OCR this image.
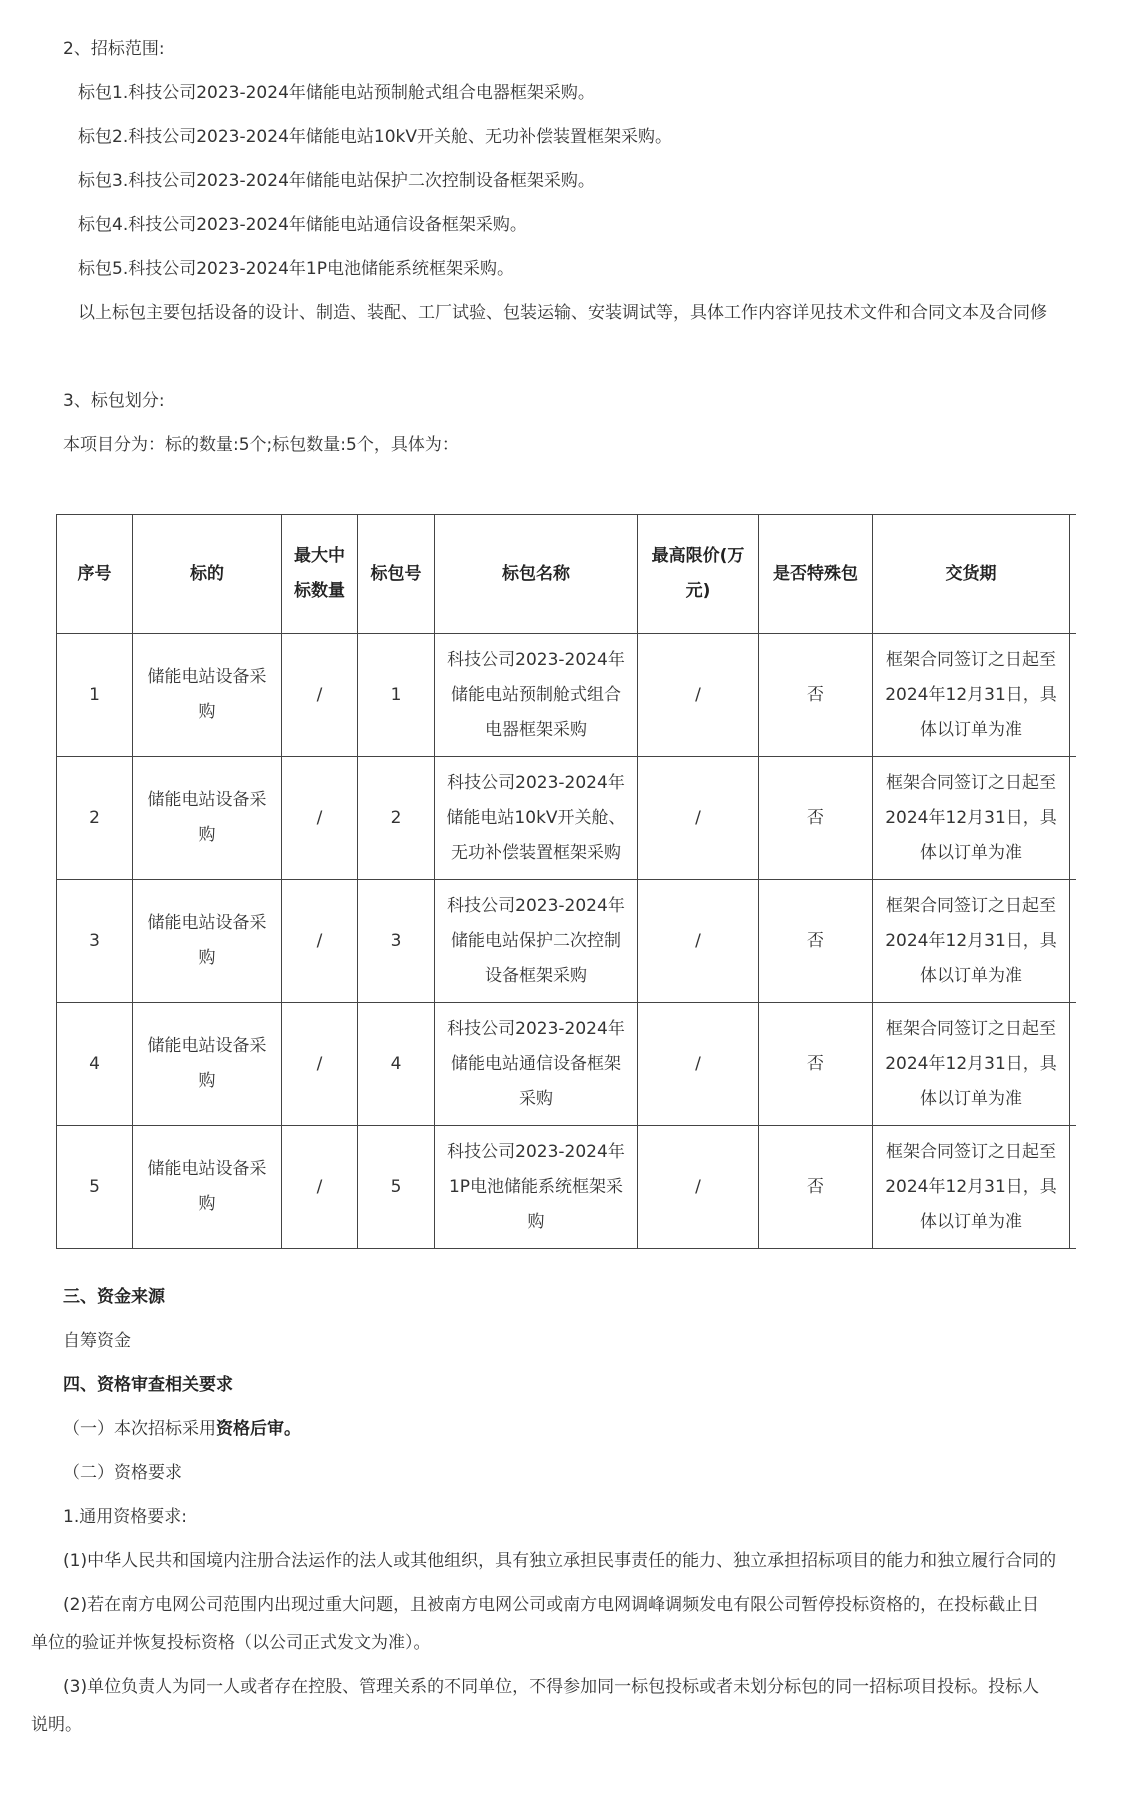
2、招标范围:
标包1.科技公司2023-2024年储能电站预制舱式组合电器框架采购。
标包2.科技公司2023-2024年储能电站10kV开关舱、无功补偿装置框架采购。
标包3.科技公司2023-2024年储能电站保护二次控制设备框架采购。
标包4.科技公司2023-2024年储能电站通信设备框架采购。
标包5.科技公司2023-2024年1P电池储能系统框架采购。
以上标包主要包括设备的设计、制造、装配、工厂试验、包装运输、安装调试等，具体工作内容详见技术文件和合同文本及合同修
3、标包划分:
本项目分为：标的数量:5个;标包数量:5个，具体为：
序号	标的	最大中标数量	标包号	标包名称	最高限价(万元)	是否特殊包	交货期	
1	储能电站设备采购	/	1	科技公司2023-2024年储能电站预制舱式组合电器框架采购	/	否	框架合同签订之日起至2024年12月31日，具体以订单为准	
2	储能电站设备采购	/	2	科技公司2023-2024年储能电站10kV开关舱、无功补偿装置框架采购	/	否	框架合同签订之日起至2024年12月31日，具体以订单为准	
3	储能电站设备采购	/	3	科技公司2023-2024年储能电站保护二次控制设备框架采购	/	否	框架合同签订之日起至2024年12月31日，具体以订单为准	
4	储能电站设备采购	/	4	科技公司2023-2024年储能电站通信设备框架采购	/	否	框架合同签订之日起至2024年12月31日，具体以订单为准	
5	储能电站设备采购	/	5	科技公司2023-2024年1P电池储能系统框架采购	/	否	框架合同签订之日起至2024年12月31日，具体以订单为准	
三、资金来源
自筹资金
四、资格审查相关要求
（一）本次招标采用资格后审。
（二）资格要求
1.通用资格要求:
(1)中华人民共和国境内注册合法运作的法人或其他组织，具有独立承担民事责任的能力、独立承担招标项目的能力和独立履行合同的
(2)若在南方电网公司范围内出现过重大问题，且被南方电网公司或南方电网调峰调频发电有限公司暂停投标资格的，在投标截止日
单位的验证并恢复投标资格（以公司正式发文为准）。
(3)单位负责人为同一人或者存在控股、管理关系的不同单位，不得参加同一标包投标或者未划分标包的同一招标项目投标。投标人
说明。
